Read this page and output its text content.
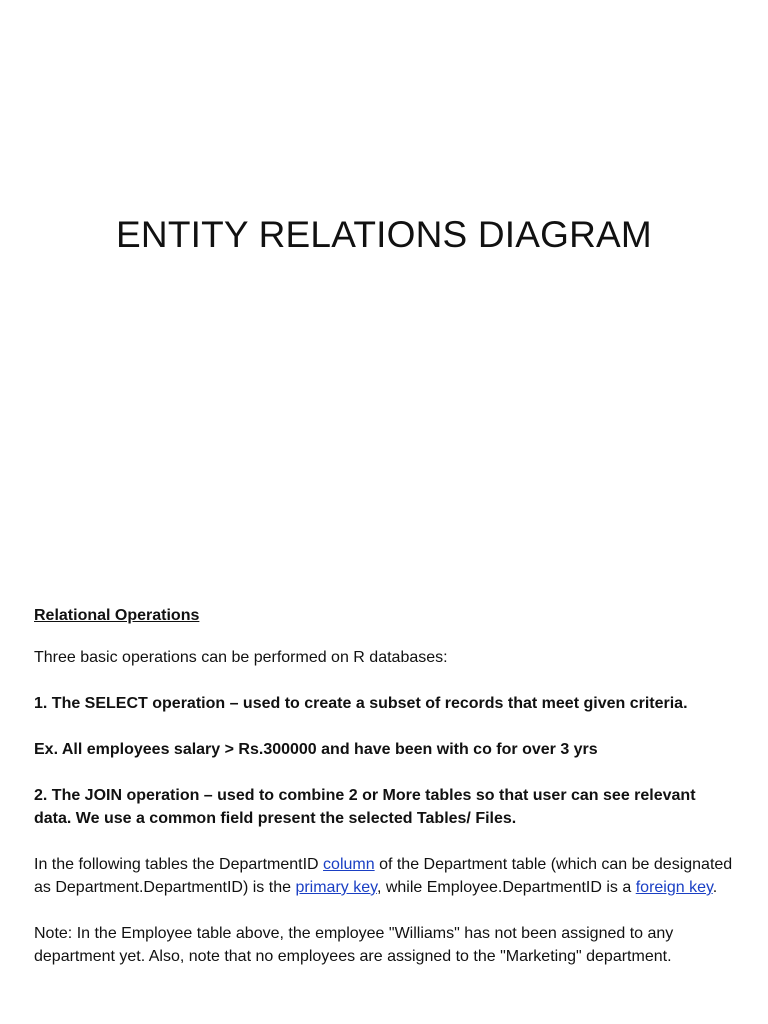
ENTITY RELATIONS DIAGRAM

Relational Operations

Three basic operations can be performed on R databases:

1. The SELECT operation – used to create a subset of records that meet given criteria.

Ex. All employees salary > Rs.300000 and have been with co for over 3 yrs

2. The JOIN operation – used to combine 2 or More tables so that user can see relevant data. We use a common field present the selected Tables/ Files.

In the following tables the DepartmentID column of the Department table (which can be designated as Department.DepartmentID) is the primary key, while Employee.DepartmentID is a foreign key.

Note: In the Employee table above, the employee "Williams" has not been assigned to any department yet. Also, note that no employees are assigned to the "Marketing" department.
